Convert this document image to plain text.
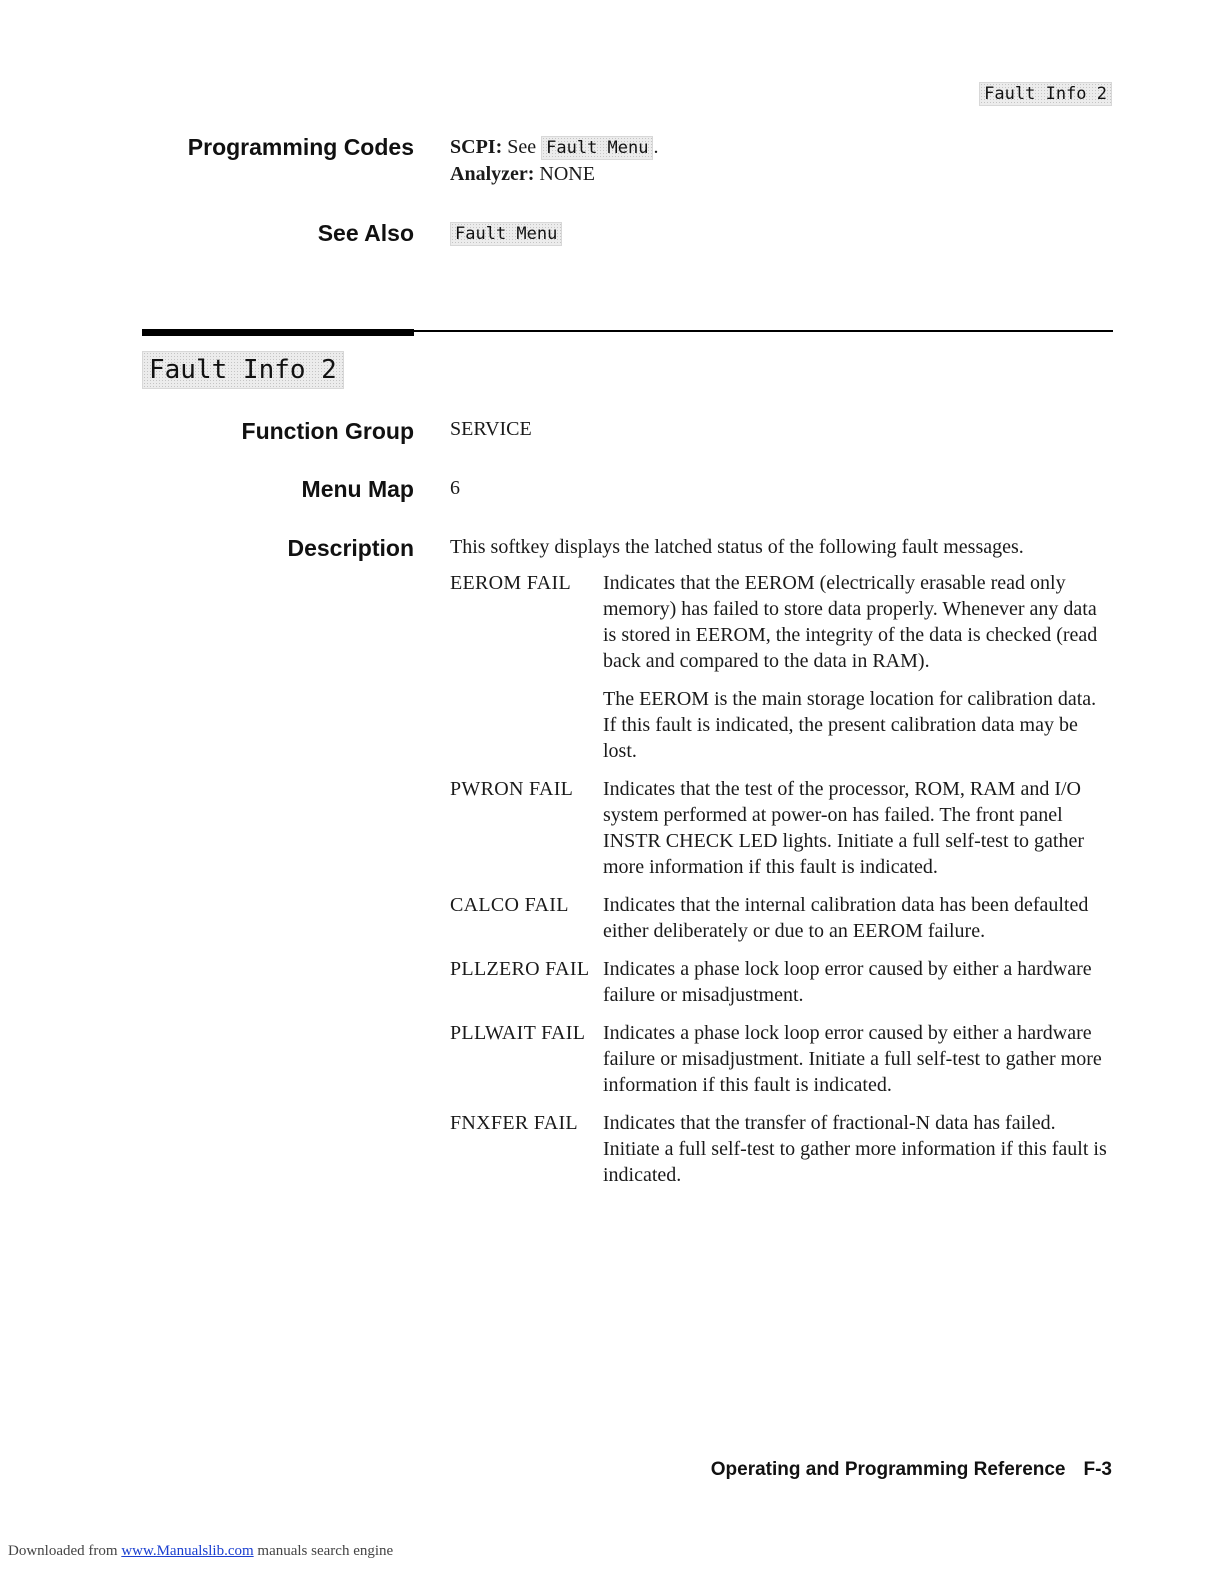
Fault Info 2
Programming Codes SCPI: See Fault Menu .
Analyzer: NONE
See Also Fault Menu
Fault Info 2
Function Group SERVICE
Menu Map 6
Description This softkey displays the latched status of the following fault messages.

EEROM FAIL	Indicates that the EEROM (electrically erasable read only memory) has failed to store data properly. Whenever any data is stored in EEROM, the integrity of the data is checked (read back and compared to the data in RAM).

The EEROM is the main storage location for calibration data. If this fault is indicated, the present calibration data may be lost.

PWRON FAIL	Indicates that the test of the processor, ROM, RAM and I/O system performed at power-on has failed. The front panel INSTR CHECK LED lights. Initiate a full self-test to gather more information if this fault is indicated.

CALCO FAIL	Indicates that the internal calibration data has been defaulted either deliberately or due to an EEROM failure.

PLLZERO FAIL Indicates a phase lock loop error caused by either a hardware failure or misadjustment.

PLLWAIT FAIL Indicates a phase lock loop error caused by either a hardware failure or misadjustment. Initiate a full self-test to gather more information if this fault is indicated.

FNXFER FAIL	Indicates that the transfer of fractional-N data has failed. Initiate a full self-test to gather more information if this fault is indicated.

Operating and Programming Reference F-3
Downloaded from www.Manualslib.com manuals search engine
